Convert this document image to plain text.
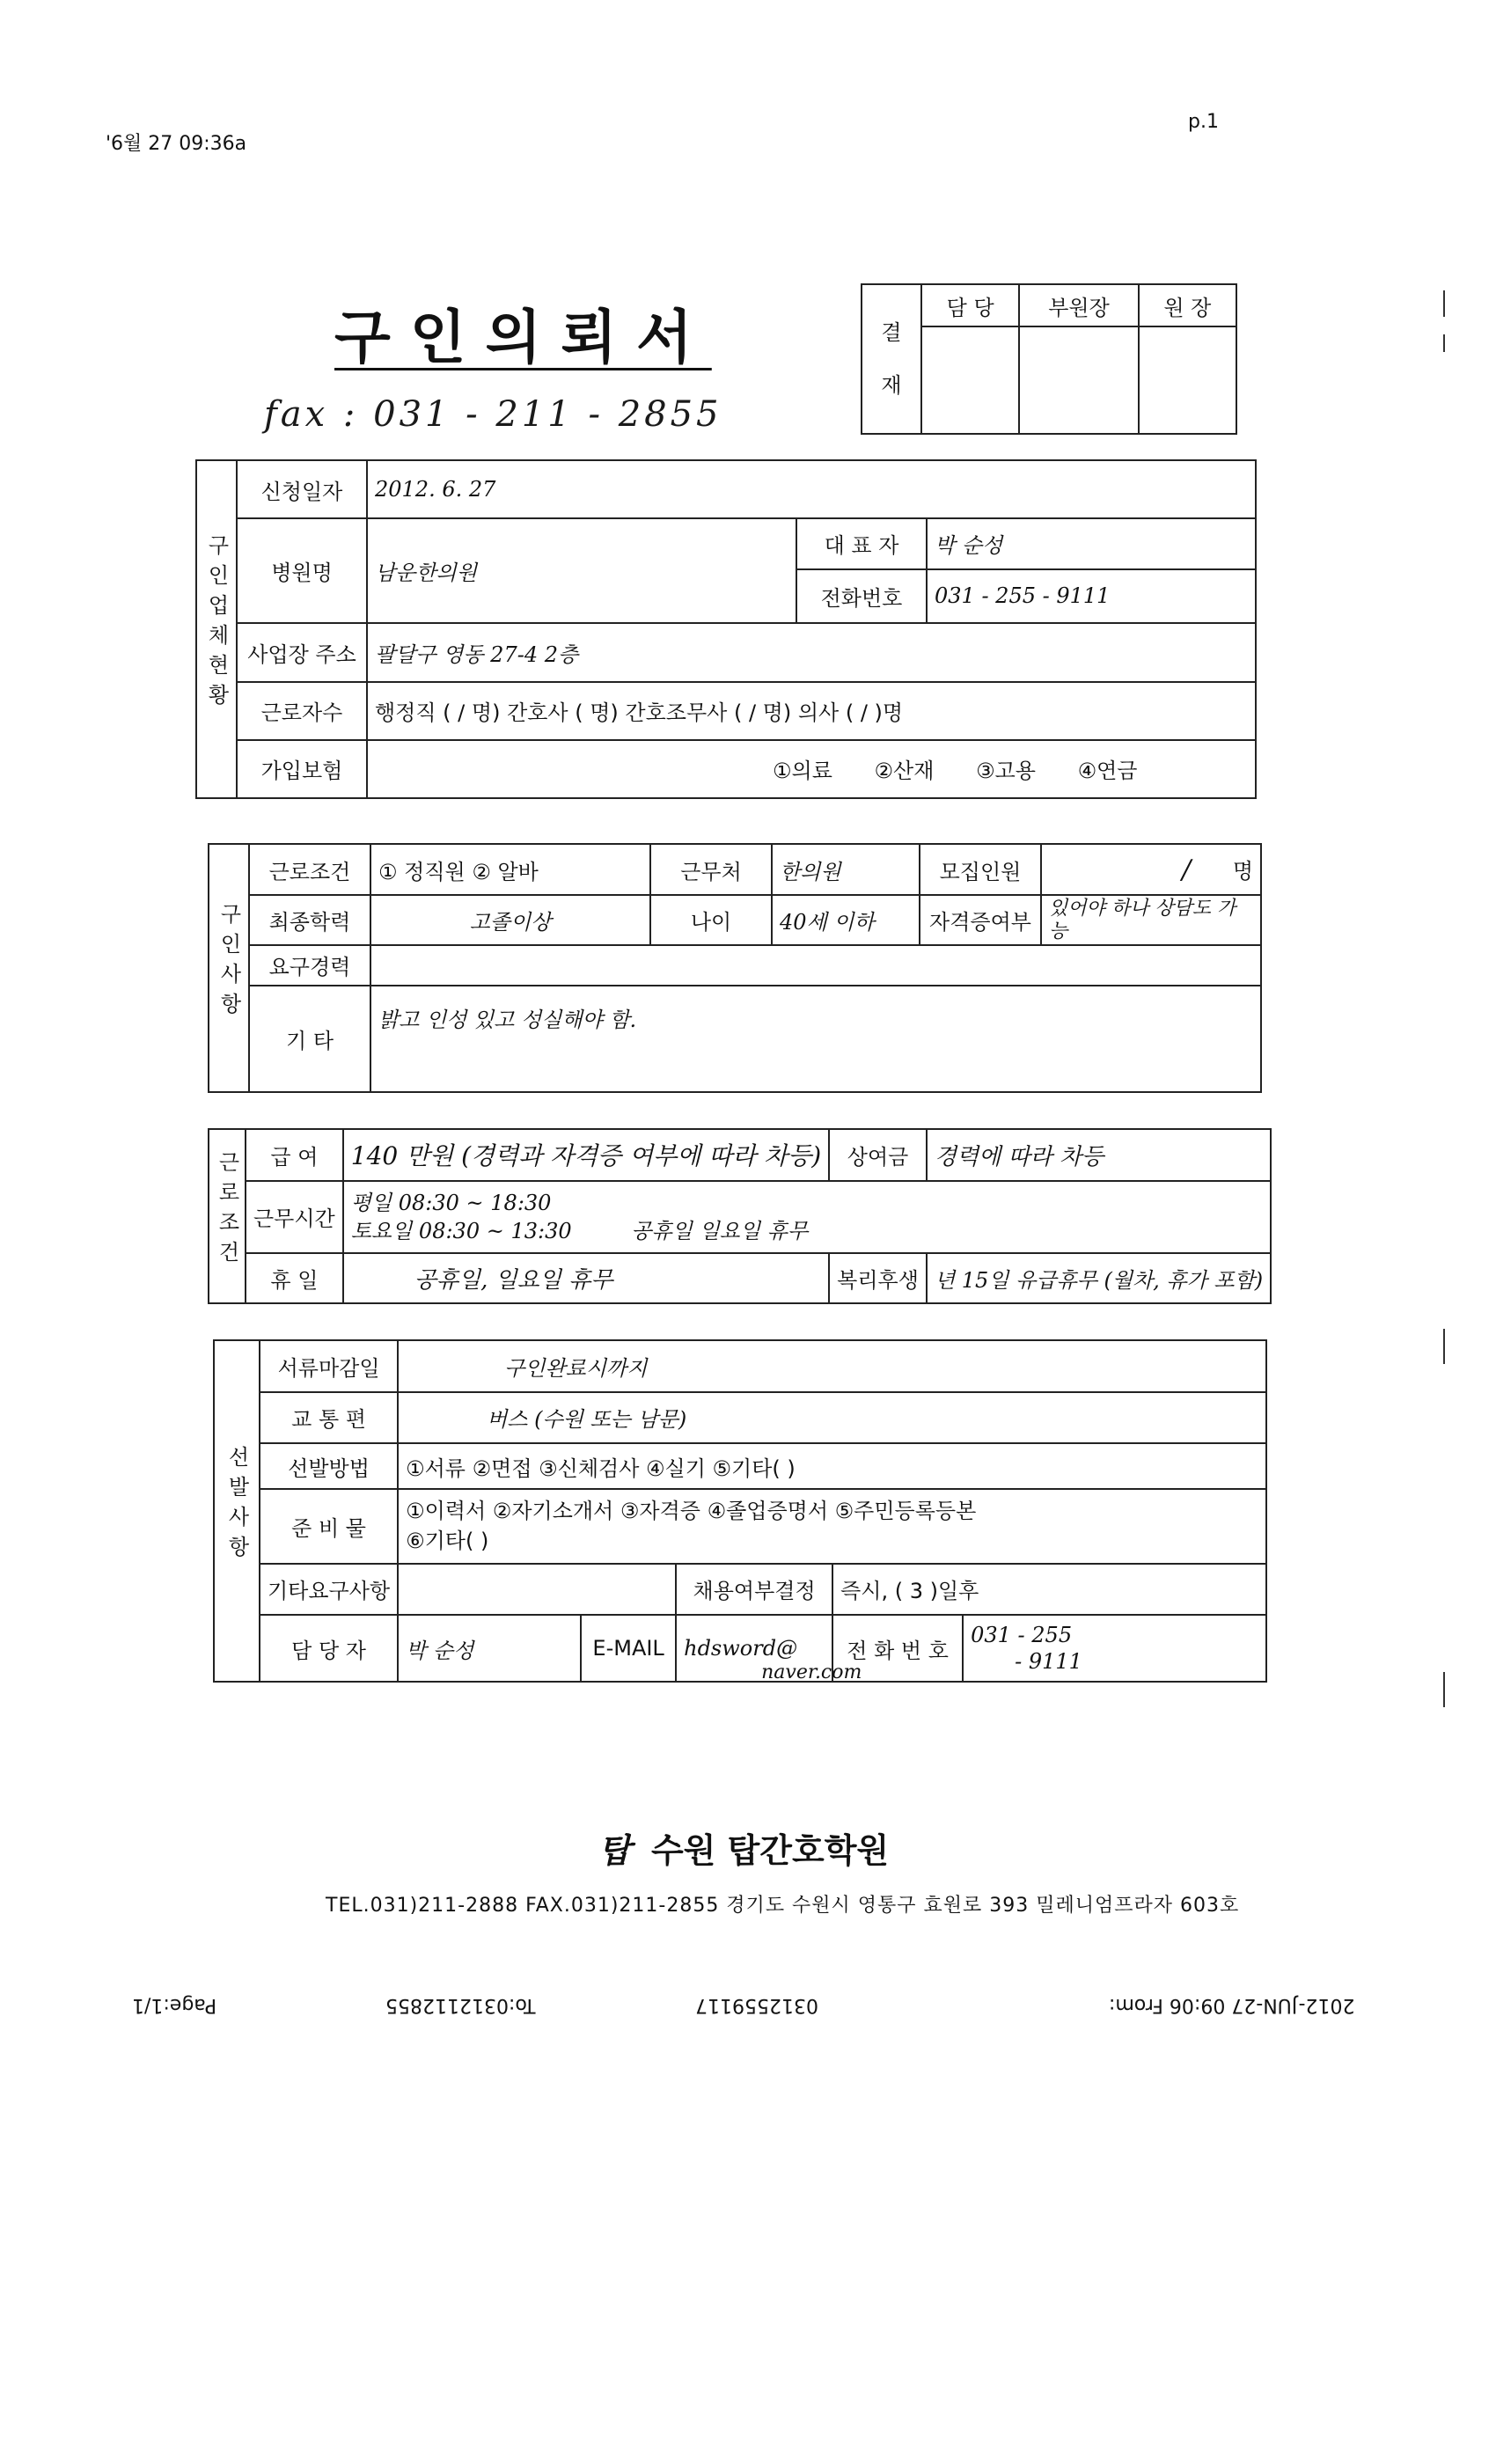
'6월 27 09:36a
p.1
구인의뢰서
fax : 031 - 211 - 2855
결
재	담 당	부원장	원 장

구인업체현황	신청일자	2012. 6. 27		
	병원명	남운한의원	대 표 자	박 순성
			전화번호	031 - 255 - 9111
	사업장 주소	팔달구 영동 27-4 2층		
	근로자수	행정직 ( / 명) 간호사 ( 명) 간호조무사 ( / 명) 의사 ( / )명		
	가입보험	①의료 ②산재 ③고용 ④연금		
구인사항	근로조건	① 정직원 ② 알바	근무처	한의원	모집인원	/ 명
	최종학력	고졸이상	나이	40세 이하	자격증여부	있어야 하나 상담도 가능
	요구경력					
	기 타	밝고 인성 있고 성실해야 함.				
근로조건	급 여	140 만원 (경력과 자격증 여부에 따라 차등)	상여금	경력에 따라 차등
	근무시간	평일 08:30 ~ 18:30
토요일 08:30 ~ 13:30 공휴일 일요일 휴무		
	휴 일	공휴일, 일요일 휴무	복리후생	년 15일 유급휴무 (월차, 휴가 포함)
선발사항	서류마감일	구인완료시까지				
	교 통 편	버스 (수원 또는 남문)				
	선발방법	①서류 ②면접 ③신체검사 ④실기 ⑤기타( )				
	준 비 물	①이력서 ②자기소개서 ③자격증 ④졸업증명서 ⑤주민등록등본
⑥기타( )				
	기타요구사항			채용여부결정	즉시, ( 3 )일후	
	담 당 자	박 순성	E-MAIL	hdsword@
naver.com	전 화 번 호	031 - 255
- 9111
탑 수원 탑간호학원
TEL.031)211-2888 FAX.031)211-2855 경기도 수원시 영통구 효원로 393 밀레니엄프라자 603호
Page:1/1	To:0312112855	0312559117	2012-JUN-27 09:06 From:
